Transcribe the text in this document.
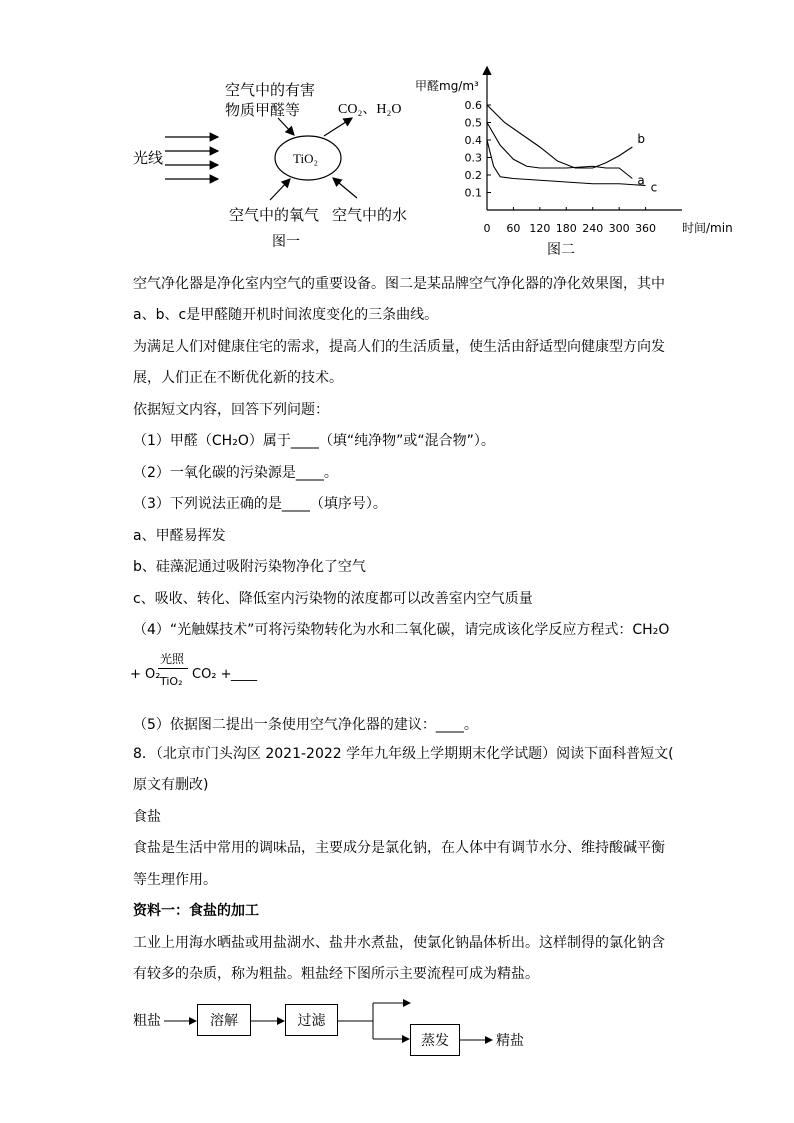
光线
空气中的有害
物质甲醛等	CO₂、H₂O
TiO₂
空气中的氧气 空气中的水
图一
0.1
0.2
0.3
0.4
0.5
0.6
0 60 120 180 240 300 360
甲醛mg/m³
时间/min
a
b
c
图二
空气净化器是净化室内空气的重要设备。图二是某品牌空气净化器的净化效果图，其中
a、b、c是甲醛随开机时间浓度变化的三条曲线。
为满足人们对健康住宅的需求，提高人们的生活质量，使生活由舒适型向健康型方向发
展，人们正在不断优化新的技术。
依据短文内容，回答下列问题：
（1）甲醛（CH₂O）属于____（填“纯净物”或“混合物”）。
（2）一氧化碳的污染源是____。
（3）下列说法正确的是____（填序号）。
a、甲醛易挥发
b、硅藻泥通过吸附污染物净化了空气
c、吸收、转化、降低室内污染物的浓度都可以改善室内空气质量
（4）“光触媒技术”可将污染物转化为水和二氧化碳，请完成该化学反应方程式：CH₂O
+ O₂
光照
TiO₂ CO₂ + ____
（5）依据图二提出一条使用空气净化器的建议：____。
8．（北京市门头沟区 2021-2022 学年九年级上学期期末化学试题）阅读下面科普短文(
原文有删改)
食盐
食盐是生活中常用的调味品，主要成分是氯化钠，在人体中有调节水分、维持酸碱平衡
等生理作用。
资料一：食盐的加工
工业上用海水晒盐或用盐湖水、盐井水煮盐，使氯化钠晶体析出。这样制得的氯化钠含
有较多的杂质，称为粗盐。粗盐经下图所示主要流程可成为精盐。
粗盐	溶解	过滤
蒸发	精盐
